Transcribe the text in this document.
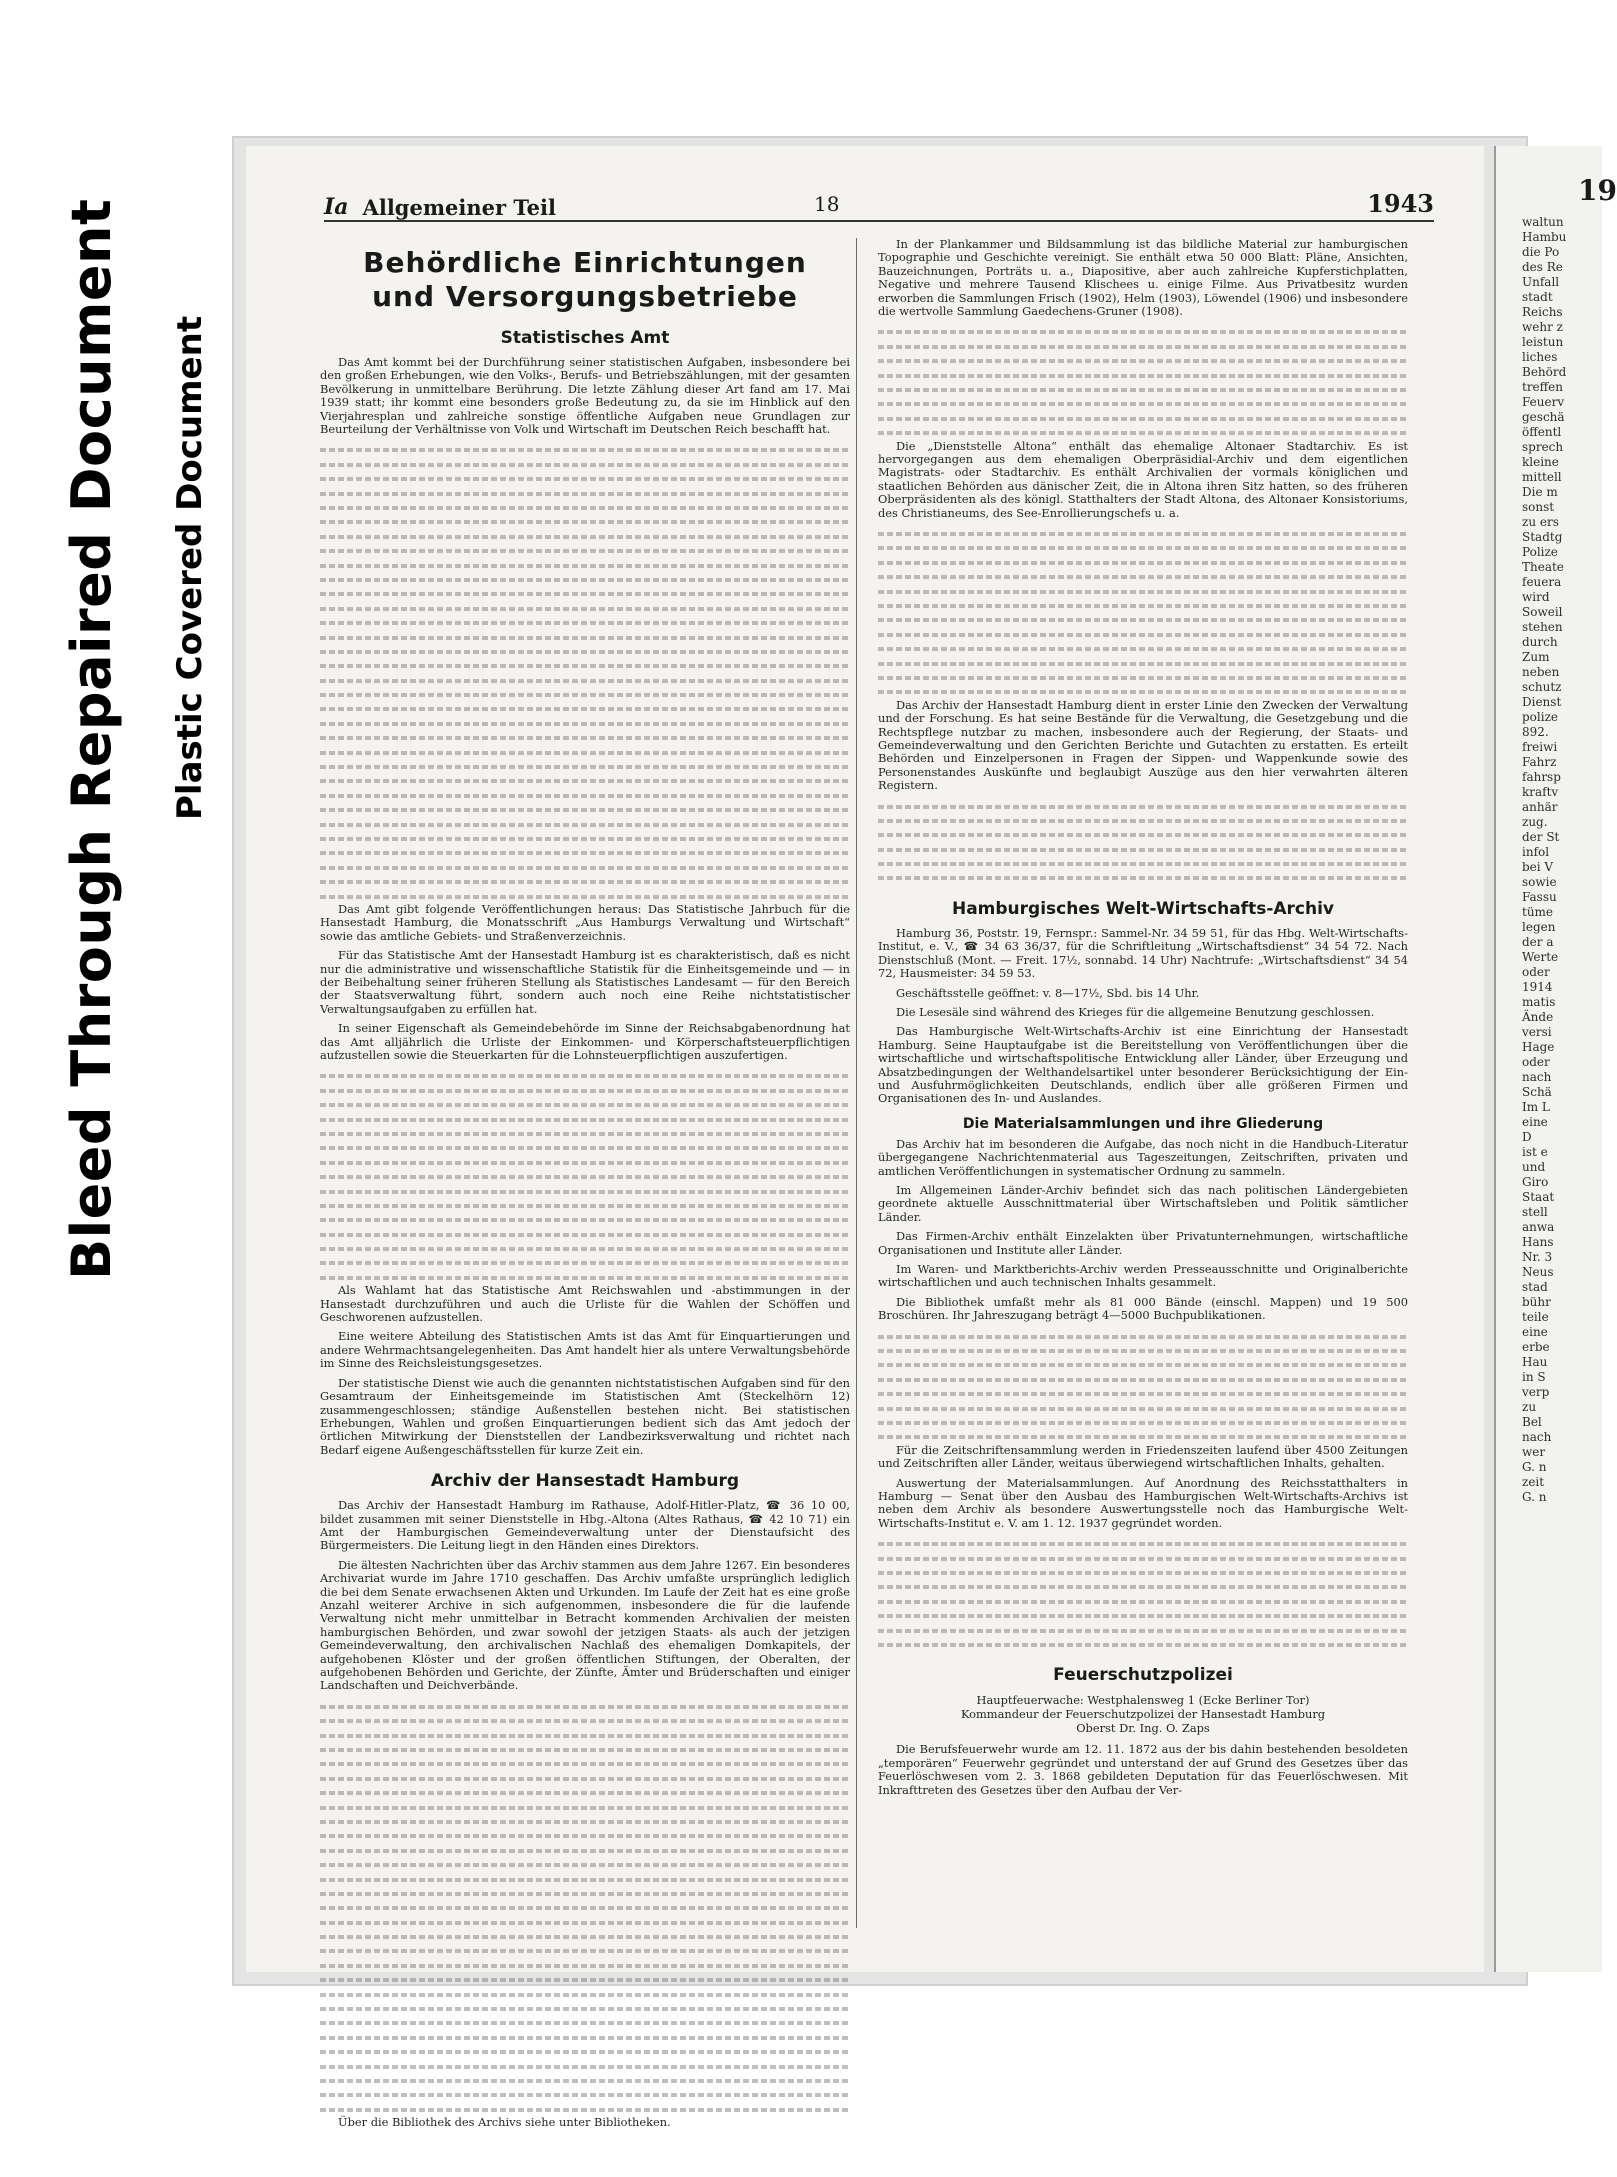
Bleed Through Repaired Document Plastic Covered Document
Ia Allgemeiner Teil	18	1943
Behördliche Einrichtungen
und Versorgungsbetriebe
Statistisches Amt

Das Amt kommt bei der Durchführung seiner statistischen Aufgaben, insbesondere bei den großen Erhebungen, wie den Volks-, Berufs- und Betriebszählungen, mit der gesamten Bevölkerung in unmittelbare Berührung. Die letzte Zählung dieser Art fand am 17. Mai 1939 statt; ihr kommt eine besonders große Bedeutung zu, da sie im Hinblick auf den Vierjahresplan und zahlreiche sonstige öffentliche Aufgaben neue Grundlagen zur Beurteilung der Verhältnisse von Volk und Wirtschaft im Deutschen Reich beschafft hat.

Das Amt gibt folgende Veröffentlichungen heraus: Das Statistische Jahrbuch für die Hansestadt Hamburg, die Monatsschrift „Aus Hamburgs Verwaltung und Wirtschaft“ sowie das amtliche Gebiets- und Straßenverzeichnis.

Für das Statistische Amt der Hansestadt Hamburg ist es charakteristisch, daß es nicht nur die administrative und wissenschaftliche Statistik für die Einheitsgemeinde und — in der Beibehaltung seiner früheren Stellung als Statistisches Landesamt — für den Bereich der Staatsverwaltung führt, sondern auch noch eine Reihe nichtstatistischer Verwaltungsaufgaben zu erfüllen hat.

In seiner Eigenschaft als Gemeindebehörde im Sinne der Reichsabgabenordnung hat das Amt alljährlich die Urliste der Einkommen- und Körperschaftsteuerpflichtigen aufzustellen sowie die Steuerkarten für die Lohnsteuerpflichtigen auszufertigen.

Als Wahlamt hat das Statistische Amt Reichswahlen und -abstimmungen in der Hansestadt durchzuführen und auch die Urliste für die Wahlen der Schöffen und Geschworenen aufzustellen.

Eine weitere Abteilung des Statistischen Amts ist das Amt für Einquartierungen und andere Wehrmachtsangelegenheiten. Das Amt handelt hier als untere Verwaltungsbehörde im Sinne des Reichsleistungsgesetzes.

Der statistische Dienst wie auch die genannten nichtstatistischen Aufgaben sind für den Gesamtraum der Einheitsgemeinde im Statistischen Amt (Steckelhörn 12) zusammengeschlossen; ständige Außenstellen bestehen nicht. Bei statistischen Erhebungen, Wahlen und großen Einquartierungen bedient sich das Amt jedoch der örtlichen Mitwirkung der Dienststellen der Landbezirksverwaltung und richtet nach Bedarf eigene Außengeschäftsstellen für kurze Zeit ein.

Archiv der Hansestadt Hamburg

Das Archiv der Hansestadt Hamburg im Rathause, Adolf-Hitler-Platz, ☎ 36 10 00, bildet zusammen mit seiner Dienststelle in Hbg.-Altona (Altes Rathaus, ☎ 42 10 71) ein Amt der Hamburgischen Gemeindeverwaltung unter der Dienstaufsicht des Bürgermeisters. Die Leitung liegt in den Händen eines Direktors.

Die ältesten Nachrichten über das Archiv stammen aus dem Jahre 1267. Ein besonderes Archivariat wurde im Jahre 1710 geschaffen. Das Archiv umfaßte ursprünglich lediglich die bei dem Senate erwachsenen Akten und Urkunden. Im Laufe der Zeit hat es eine große Anzahl weiterer Archive in sich aufgenommen, insbesondere die für die laufende Verwaltung nicht mehr unmittelbar in Betracht kommenden Archivalien der meisten hamburgischen Behörden, und zwar sowohl der jetzigen Staats- als auch der jetzigen Gemeindeverwaltung, den archivalischen Nachlaß des ehemaligen Domkapitels, der aufgehobenen Klöster und der großen öffentlichen Stiftungen, der Oberalten, der aufgehobenen Behörden und Gerichte, der Zünfte, Ämter und Brüderschaften und einiger Landschaften und Deichverbände.

Über die Bibliothek des Archivs siehe unter Bibliotheken.

In der Plankammer und Bildsammlung ist das bildliche Material zur hamburgischen Topographie und Geschichte vereinigt. Sie enthält etwa 50 000 Blatt: Pläne, Ansichten, Bauzeichnungen, Porträts u. a., Diapositive, aber auch zahlreiche Kupferstichplatten, Negative und mehrere Tausend Klischees u. einige Filme. Aus Privatbesitz wurden erworben die Sammlungen Frisch (1902), Helm (1903), Löwendel (1906) und insbesondere die wertvolle Sammlung Gaedechens-Gruner (1908).

Die „Dienststelle Altona“ enthält das ehemalige Altonaer Stadtarchiv. Es ist hervorgegangen aus dem ehemaligen Oberpräsidial-Archiv und dem eigentlichen Magistrats- oder Stadtarchiv. Es enthält Archivalien der vormals königlichen und staatlichen Behörden aus dänischer Zeit, die in Altona ihren Sitz hatten, so des früheren Oberpräsidenten als des königl. Statthalters der Stadt Altona, des Altonaer Konsistoriums, des Christianeums, des See-Enrollierungschefs u. a.

Das Archiv der Hansestadt Hamburg dient in erster Linie den Zwecken der Verwaltung und der Forschung. Es hat seine Bestände für die Verwaltung, die Gesetzgebung und die Rechtspflege nutzbar zu machen, insbesondere auch der Regierung, der Staats- und Gemeindeverwaltung und den Gerichten Berichte und Gutachten zu erstatten. Es erteilt Behörden und Einzelpersonen in Fragen der Sippen- und Wappenkunde sowie des Personenstandes Auskünfte und beglaubigt Auszüge aus den hier verwahrten älteren Registern.

Hamburgisches Welt-Wirtschafts-Archiv

Hamburg 36, Poststr. 19, Fernspr.: Sammel-Nr. 34 59 51, für das Hbg. Welt-Wirtschafts-Institut, e. V., ☎ 34 63 36/37, für die Schriftleitung „Wirtschaftsdienst“ 34 54 72. Nach Dienstschluß (Mont. — Freit. 17½, sonnabd. 14 Uhr) Nachtrufe: „Wirtschaftsdienst“ 34 54 72, Hausmeister: 34 59 53.

Geschäftsstelle geöffnet: v. 8—17½, Sbd. bis 14 Uhr.

Die Lesesäle sind während des Krieges für die allgemeine Benutzung geschlossen.

Das Hamburgische Welt-Wirtschafts-Archiv ist eine Einrichtung der Hansestadt Hamburg. Seine Hauptaufgabe ist die Bereitstellung von Veröffentlichungen über die wirtschaftliche und wirtschaftspolitische Entwicklung aller Länder, über Erzeugung und Absatzbedingungen der Welthandelsartikel unter besonderer Berücksichtigung der Ein- und Ausfuhrmöglichkeiten Deutschlands, endlich über alle größeren Firmen und Organisationen des In- und Auslandes.

Die Materialsammlungen und ihre Gliederung

Das Archiv hat im besonderen die Aufgabe, das noch nicht in die Handbuch-Literatur übergegangene Nachrichtenmaterial aus Tageszeitungen, Zeitschriften, privaten und amtlichen Veröffentlichungen in systematischer Ordnung zu sammeln.

Im Allgemeinen Länder-Archiv befindet sich das nach politischen Ländergebieten geordnete aktuelle Ausschnittmaterial über Wirtschaftsleben und Politik sämtlicher Länder.

Das Firmen-Archiv enthält Einzelakten über Privatunternehmungen, wirtschaftliche Organisationen und Institute aller Länder.

Im Waren- und Marktberichts-Archiv werden Presseausschnitte und Originalberichte wirtschaftlichen und auch technischen Inhalts gesammelt.

Die Bibliothek umfaßt mehr als 81 000 Bände (einschl. Mappen) und 19 500 Broschüren. Ihr Jahreszugang beträgt 4—5000 Buchpublikationen.

Für die Zeitschriftensammlung werden in Friedenszeiten laufend über 4500 Zeitungen und Zeitschriften aller Länder, weitaus überwiegend wirtschaftlichen Inhalts, gehalten.

Auswertung der Materialsammlungen. Auf Anordnung des Reichsstatthalters in Hamburg — Senat über den Ausbau des Hamburgischen Welt-Wirtschafts-Archivs ist neben dem Archiv als besondere Auswertungsstelle noch das Hamburgische Welt-Wirtschafts-Institut e. V. am 1. 12. 1937 gegründet worden.

Feuerschutzpolizei
Hauptfeuerwache: Westphalensweg 1 (Ecke Berliner Tor)
Kommandeur der Feuerschutzpolizei der Hansestadt Hamburg
Oberst Dr. Ing. O. Zaps

Die Berufsfeuerwehr wurde am 12. 11. 1872 aus der bis dahin bestehenden besoldeten „temporären“ Feuerwehr gegründet und unterstand der auf Grund des Gesetzes über das Feuerlöschwesen vom 2. 3. 1868 gebildeten Deputation für das Feuerlöschwesen. Mit Inkrafttreten des Gesetzes über den Aufbau der Ver-

19
waltun
Hambu
die Po
des Re
Unfall
stadt
Reichs
wehr z
leistun
liches
Behörd
treffen
Feuerv
geschä
öffentl
sprech
kleine
mittell
Die m
sonst
zu ers
Stadtg
Polize
Theate
feuera
wird
Soweil
stehen
durch
Zum
neben
schutz
Dienst
polize
892.
freiwi
Fahrz
fahrsp
kraftv
anhär
zug.
der St
infol
bei V
sowie
Fassu
tüme
legen
der a
Werte
oder
1914
matis
Ände
versi
Hage
oder
nach
Schä
Im L
eine
D
ist e
und
Giro
Staat
stell
anwa
Hans
Nr. 3
Neus
stad
bühr
teile
eine
erbe
Hau
in S
verp
zu
Bel
nach
wer
G. n
zeit
G. n
